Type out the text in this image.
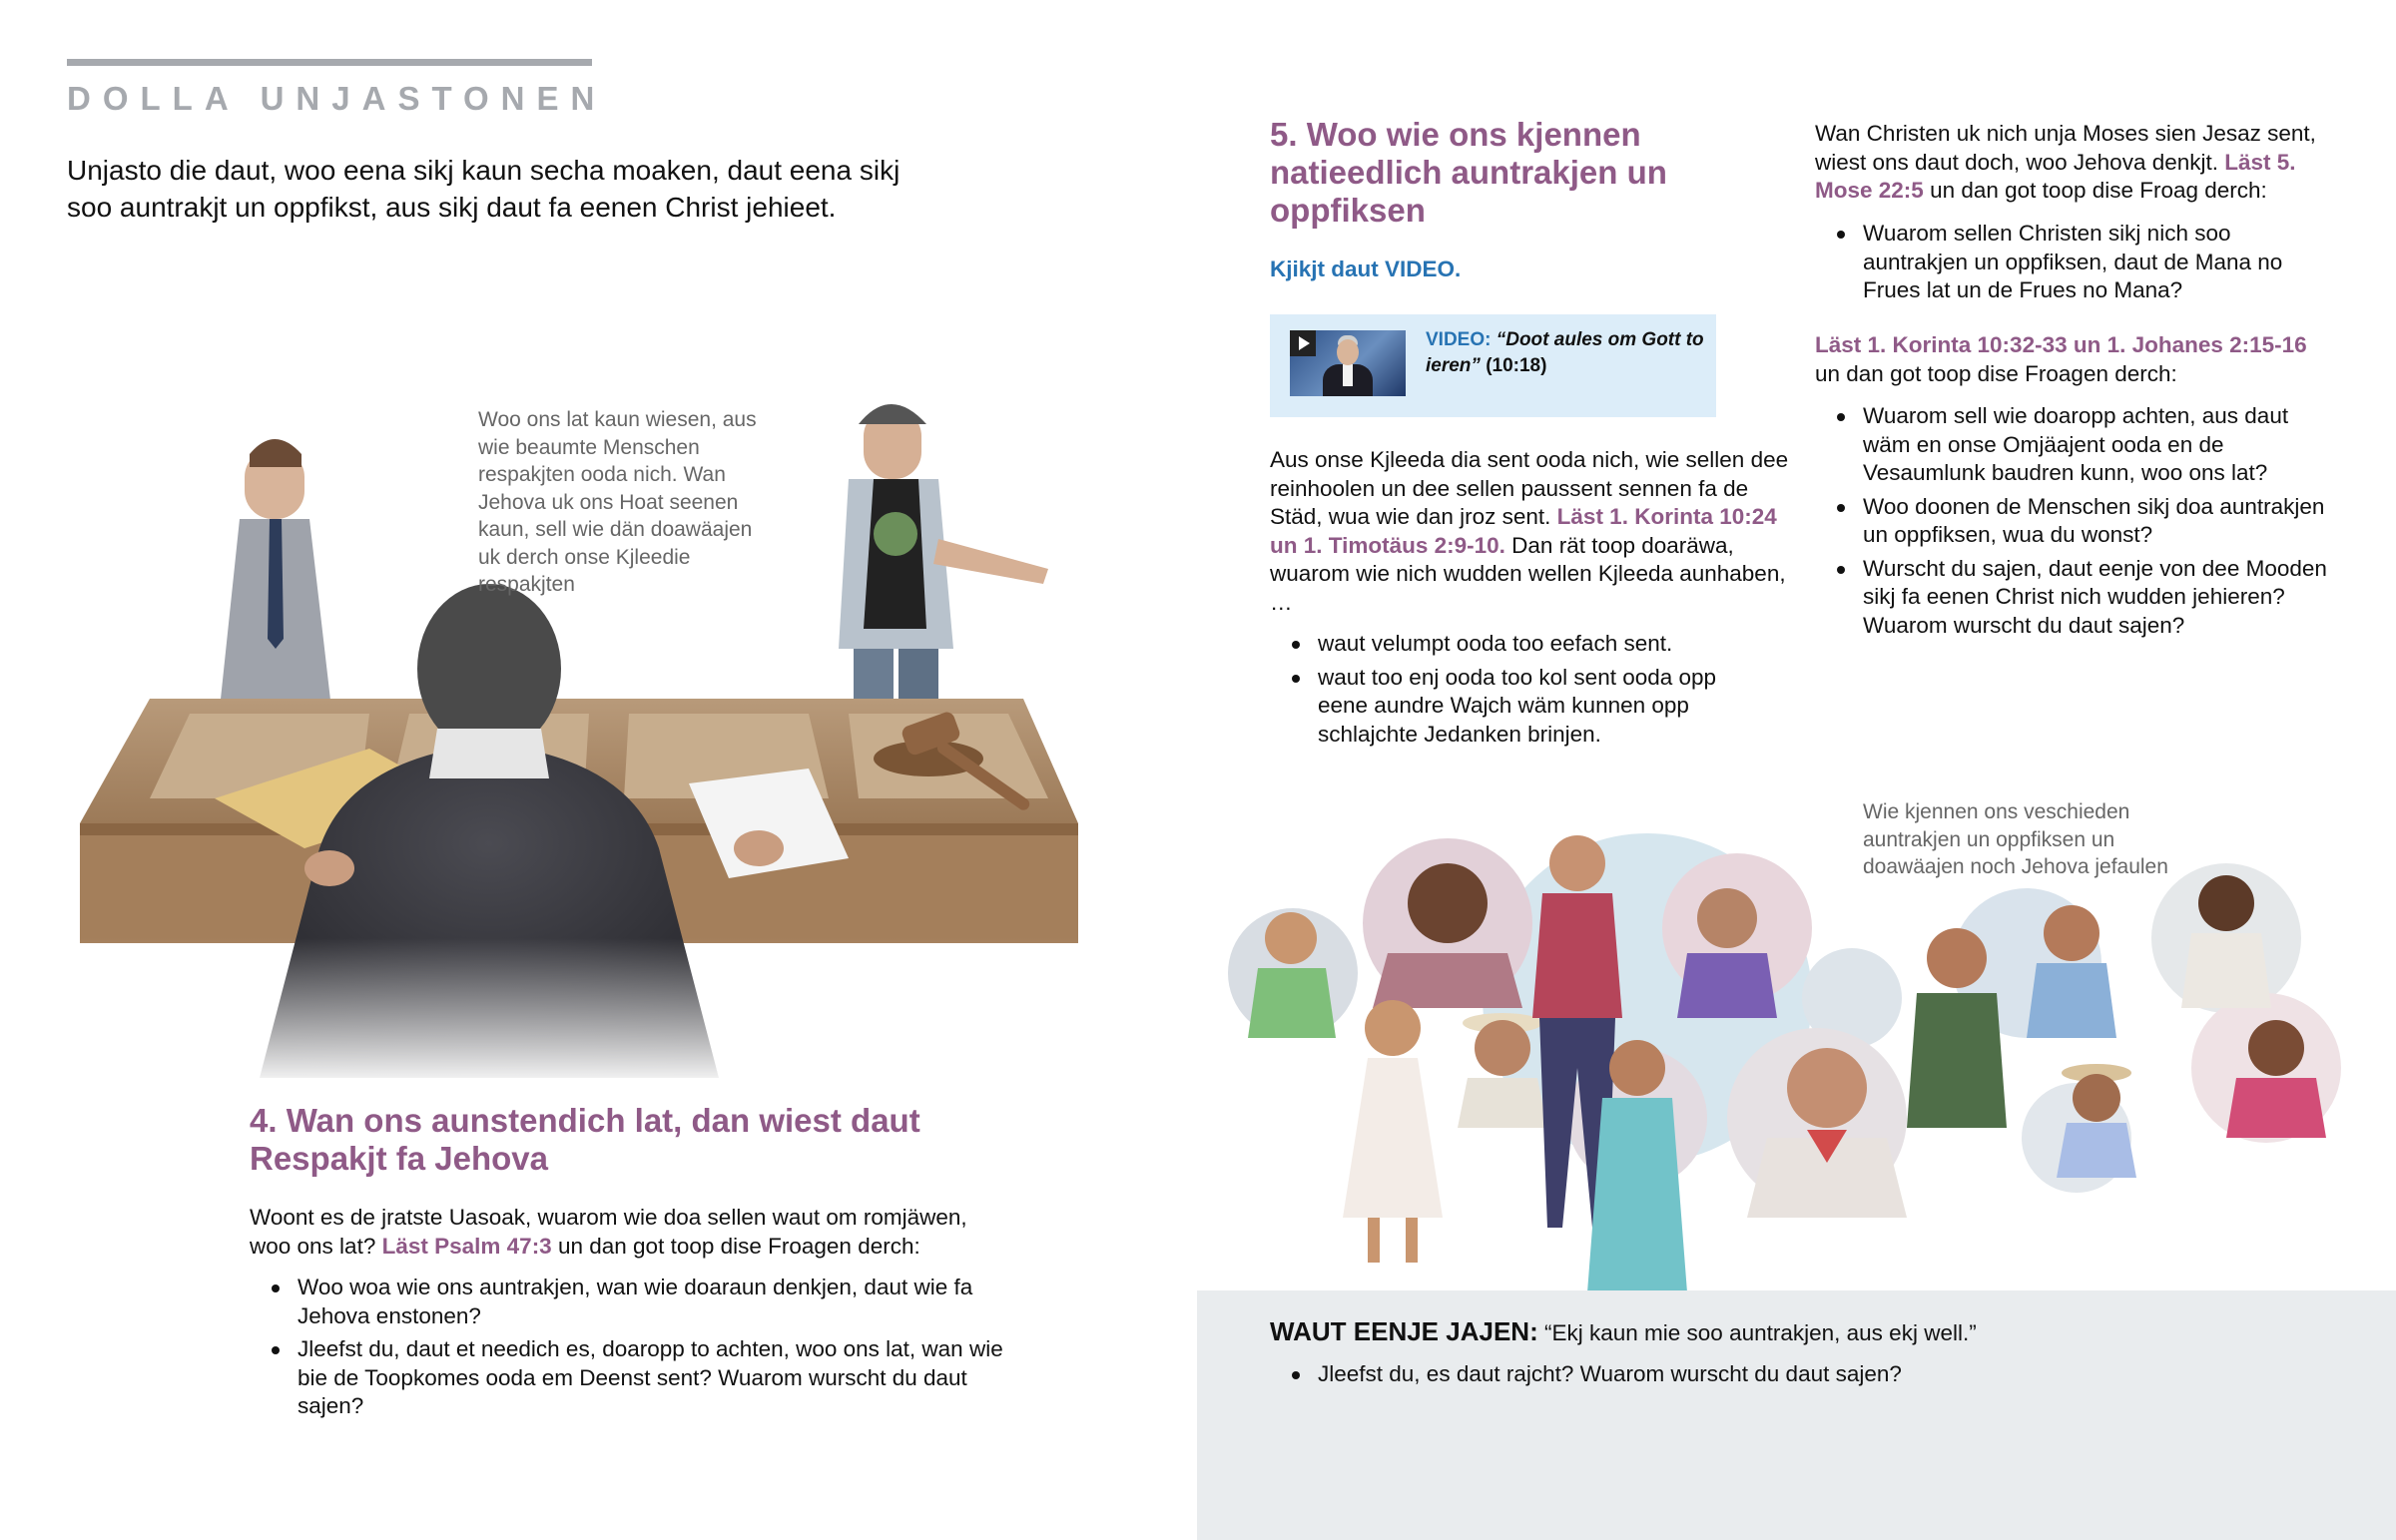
DOLLA UNJASTONEN
Unjasto die daut, woo eena sikj kaun secha moaken, daut eena sikj soo auntrakjt un oppfikst, aus sikj daut fa eenen Christ jehieet.
Woo ons lat kaun wiesen, aus wie beaumte Menschen respakjten ooda nich. Wan Jehova uk ons Hoat seenen kaun, sell wie dän doawäajen uk derch onse Kjleedie respakjten
4. Wan ons aunstendich lat, dan wiest daut Respakjt fa Jehova
Woont es de jratste Uasoak, wuarom wie doa sellen waut om romjäwen, woo ons lat? Läst Psalm 47:3 un dan got toop dise Froagen derch:
Woo woa wie ons auntrakjen, wan wie doaraun denkjen, daut wie fa Jehova enstonen?
Jleefst du, daut et needich es, doaropp to achten, woo ons lat, wan wie bie de Toopkomes ooda em Deenst sent? Wuarom wurscht du daut sajen?
5. Woo wie ons kjennen natieedlich auntrakjen un oppfiksen
Kjikjt daut VIDEO.
VIDEO: “Doot aules om Gott to ieren” (10:18)
Aus onse Kjleeda dia sent ooda nich, wie sellen dee reinhoolen un dee sellen paussent sennen fa de Städ, wua wie dan jroz sent. Läst 1. Korinta 10:24 un 1. Timotäus 2:9-10. Dan rät toop doaräwa, wuarom wie nich wudden wellen Kjleeda aunhaben, …
waut velumpt ooda too eefach sent.
waut too enj ooda too kol sent ooda opp eene aundre Wajch wäm kunnen opp schlajchte Jedanken brinjen.
Wan Christen uk nich unja Moses sien Jesaz sent, wiest ons daut doch, woo Jehova denkjt. Läst 5. Mose 22:5 un dan got toop dise Froag derch:
Wuarom sellen Christen sikj nich soo auntrakjen un oppfiksen, daut de Mana no Frues lat un de Frues no Mana?
Läst 1. Korinta 10:32-33 un 1. Johanes 2:15-16 un dan got toop dise Froagen derch:
Wuarom sell wie doaropp achten, aus daut wäm en onse Omjäajent ooda en de Vesaumlunk baudren kunn, woo ons lat?
Woo doonen de Menschen sikj doa auntrakjen un oppfiksen, wua du wonst?
Wurscht du sajen, daut eenje von dee Mooden sikj fa eenen Christ nich wudden jehieren? Wuarom wurscht du daut sajen?
Wie kjennen ons veschieden auntrakjen un oppfiksen un doawäajen noch Jehova jefaulen
WAUT EENJE JAJEN: “Ekj kaun mie soo auntrakjen, aus ekj well.”
Jleefst du, es daut rajcht? Wuarom wurscht du daut sajen?
